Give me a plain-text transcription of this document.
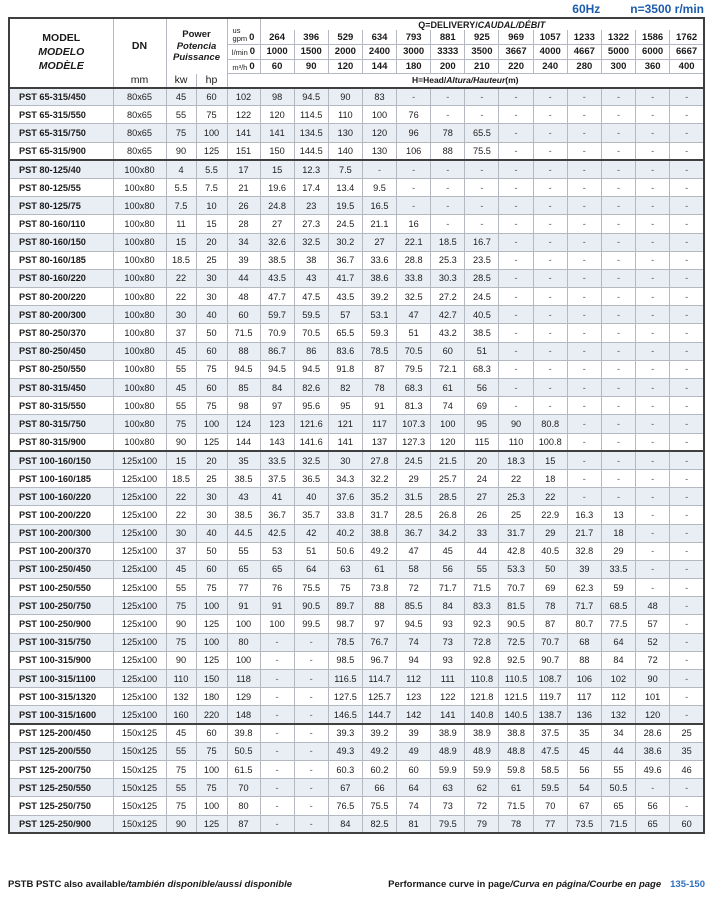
60Hz	n=3500 r/min
MODEL
MODELO
MODÈLE
	DN	
Power
Potencia
Puissance

us
gpm 0
	Q=DELIVERY/CAUDAL/DÉBIT
					264	396	529	634	793	881	925	969	1057	1233	1322	1586	1762

				l/min 0	1000	1500	2000	2400	3000	3333	3500	3667	4000	4667	5000	6000	6667

				m³/h 0	60	90	120	144	180	200	210	220	240	280	300	360	400
	mm	kw	hp	H=Head/Altura/Hauteur(m)													
PST 65-315/450	80x65	45	60	102	98	94.5	90	83	-	-	-	-	-	-	-	-	-
PST 65-315/550	80x65	55	75	122	120	114.5	110	100	76	-	-	-	-	-	-	-	-
PST 65-315/750	80x65	75	100	141	141	134.5	130	120	96	78	65.5	-	-	-	-	-	-
PST 65-315/900	80x65	90	125	151	150	144.5	140	130	106	88	75.5	-	-	-	-	-	-
PST 80-125/40	100x80	4	5.5	17	15	12.3	7.5	-	-	-	-	-	-	-	-	-	-
PST 80-125/55	100x80	5.5	7.5	21	19.6	17.4	13.4	9.5	-	-	-	-	-	-	-	-	-
PST 80-125/75	100x80	7.5	10	26	24.8	23	19.5	16.5	-	-	-	-	-	-	-	-	-
PST 80-160/110	100x80	11	15	28	27	27.3	24.5	21.1	16	-	-	-	-	-	-	-	-
PST 80-160/150	100x80	15	20	34	32.6	32.5	30.2	27	22.1	18.5	16.7	-	-	-	-	-	-
PST 80-160/185	100x80	18.5	25	39	38.5	38	36.7	33.6	28.8	25.3	23.5	-	-	-	-	-	-
PST 80-160/220	100x80	22	30	44	43.5	43	41.7	38.6	33.8	30.3	28.5	-	-	-	-	-	-
PST 80-200/220	100x80	22	30	48	47.7	47.5	43.5	39.2	32.5	27.2	24.5	-	-	-	-	-	-
PST 80-200/300	100x80	30	40	60	59.7	59.5	57	53.1	47	42.7	40.5	-	-	-	-	-	-
PST 80-250/370	100x80	37	50	71.5	70.9	70.5	65.5	59.3	51	43.2	38.5	-	-	-	-	-	-
PST 80-250/450	100x80	45	60	88	86.7	86	83.6	78.5	70.5	60	51	-	-	-	-	-	-
PST 80-250/550	100x80	55	75	94.5	94.5	94.5	91.8	87	79.5	72.1	68.3	-	-	-	-	-	-
PST 80-315/450	100x80	45	60	85	84	82.6	82	78	68.3	61	56	-	-	-	-	-	-
PST 80-315/550	100x80	55	75	98	97	95.6	95	91	81.3	74	69	-	-	-	-	-	-
PST 80-315/750	100x80	75	100	124	123	121.6	121	117	107.3	100	95	90	80.8	-	-	-	-
PST 80-315/900	100x80	90	125	144	143	141.6	141	137	127.3	120	115	110	100.8	-	-	-	-
PST 100-160/150	125x100	15	20	35	33.5	32.5	30	27.8	24.5	21.5	20	18.3	15	-	-	-	-
PST 100-160/185	125x100	18.5	25	38.5	37.5	36.5	34.3	32.2	29	25.7	24	22	18	-	-	-	-
PST 100-160/220	125x100	22	30	43	41	40	37.6	35.2	31.5	28.5	27	25.3	22	-	-	-	-
PST 100-200/220	125x100	22	30	38.5	36.7	35.7	33.8	31.7	28.5	26.8	26	25	22.9	16.3	13	-	-
PST 100-200/300	125x100	30	40	44.5	42.5	42	40.2	38.8	36.7	34.2	33	31.7	29	21.7	18	-	-
PST 100-200/370	125x100	37	50	55	53	51	50.6	49.2	47	45	44	42.8	40.5	32.8	29	-	-
PST 100-250/450	125x100	45	60	65	65	64	63	61	58	56	55	53.3	50	39	33.5	-	-
PST 100-250/550	125x100	55	75	77	76	75.5	75	73.8	72	71.7	71.5	70.7	69	62.3	59	-	-
PST 100-250/750	125x100	75	100	91	91	90.5	89.7	88	85.5	84	83.3	81.5	78	71.7	68.5	48	-
PST 100-250/900	125x100	90	125	100	100	99.5	98.7	97	94.5	93	92.3	90.5	87	80.7	77.5	57	-
PST 100-315/750	125x100	75	100	80	-	-	78.5	76.7	74	73	72.8	72.5	70.7	68	64	52	-
PST 100-315/900	125x100	90	125	100	-	-	98.5	96.7	94	93	92.8	92.5	90.7	88	84	72	-
PST 100-315/1100	125x100	110	150	118	-	-	116.5	114.7	112	111	110.8	110.5	108.7	106	102	90	-
PST 100-315/1320	125x100	132	180	129	-	-	127.5	125.7	123	122	121.8	121.5	119.7	117	112	101	-
PST 100-315/1600	125x100	160	220	148	-	-	146.5	144.7	142	141	140.8	140.5	138.7	136	132	120	-
PST 125-200/450	150x125	45	60	39.8	-	-	39.3	39.2	39	38.9	38.9	38.8	37.5	35	34	28.6	25
PST 125-200/550	150x125	55	75	50.5	-	-	49.3	49.2	49	48.9	48.9	48.8	47.5	45	44	38.6	35
PST 125-200/750	150x125	75	100	61.5	-	-	60.3	60.2	60	59.9	59.9	59.8	58.5	56	55	49.6	46
PST 125-250/550	150x125	55	75	70	-	-	67	66	64	63	62	61	59.5	54	50.5	-	-
PST 125-250/750	150x125	75	100	80	-	-	76.5	75.5	74	73	72	71.5	70	67	65	56	-
PST 125-250/900	150x125	90	125	87	-	-	84	82.5	81	79.5	79	78	77	73.5	71.5	65	60
PSTB PSTC also available/también disponible/aussi disponible	Performance curve in page/Curva en página/Courbe en page 135-150
